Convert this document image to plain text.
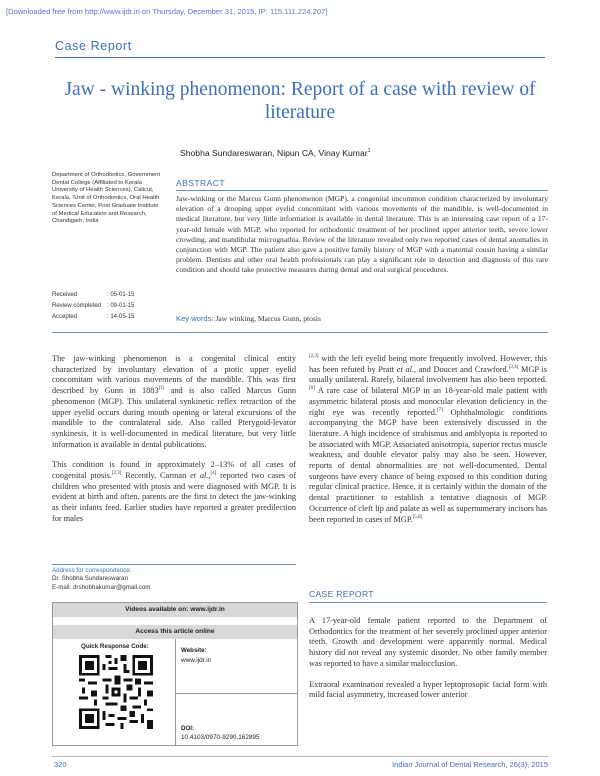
[Downloaded free from http://www.ijdr.in on Thursday, December 31, 2015, IP: 115.111.224.207]
Case Report
Jaw - winking phenomenon: Report of a case with review of literature
Shobha Sundareswaran, Nipun CA, Vinay Kumar$^1$
Department of Orthodontics, Government Dental College (Affiliated to Kerala University of Health Sciences), Calicut, Kerala, ¹Unit of Orthodontics, Oral Health Sciences Center, Post Graduate Institute of Medical Education and Research, Chandigarh, India
ABSTRACT
Jaw-winking or the Marcus Gunn phenomenon (MGP), a congenital uncommon condition characterized by involuntary elevation of a drooping upper eyelid concomitant with various movements of the mandible, is well-documented in medical literature, but very little information is available in dental literature. This is an interesting case report of a 17-year-old female with MGP, who reported for orthodontic treatment of her proclined upper anterior teeth, severe lower crowding, and mandibular micrognathia. Review of the literature revealed only two reported cases of dental anomalies in conjunction with MGP. The patient also gave a positive family history of MGP with a maternal cousin having a similar problem. Dentists and other oral health professionals can play a significant role in detection and diagnosis of this rare condition and should take protective measures during dental and oral surgical procedures.
Received	: 05-01-15
Review completed	: 09-01-15
Accepted	: 14-05-15	Key words: Jaw winking, Marcus Gunn, ptosis

The jaw-winking phenomenon is a congenital clinical entity characterized by involuntary elevation of a ptotic upper eyelid concomitant with various movements of the mandible. This was first described by Gunn in 1883[1] and is also called Marcus Gunn phenomenon (MGP). This unilateral synkinetic reflex retraction of the upper eyelid occurs during mouth opening or lateral excursions of the mandible to the contralateral side. Also called Pterygoid-levator synkinesis, it is well-documented in medical literature, but very little information is available in dental publications.

This condition is found in approximately 2–13% of all cases of congenital ptosis.[2,3] Recently, Carman et al.,[4] reported two cases of children who presented with ptosis and were diagnosed with MGP. It is evident at birth and often, parents are the first to detect the jaw-winking as their infants feed. Earlier studies have reported a greater predilection for males

[2,3] with the left eyelid being more frequently involved. However, this has been refuted by Pratt et al., and Doucet and Crawford.[3,4] MGP is usually unilateral. Rarely, bilateral involvement has also been reported.[6] A rare case of bilateral MGP in an 18-year-old male patient with asymmetric bilateral ptosis and monocular elevation deficiency in the right eye was recently reported.[7] Ophthalmologic conditions accompanying the MGP have been extensively discussed in the literature. A high incidence of strabismus and amblyopia is reported to be associated with MGP. Associated anisotropia, superior rectus muscle weakness, and double elevator palsy may also be seen. However, reports of dental abnormalities are not well-documented. Dental surgeons have every chance of being exposed to this condition during regular clinical practice. Hence, it is certainly within the domain of the dental practitioner to establish a tentative diagnosis of MGP. Occurrence of cleft lip and palate as well as supernumerary incisors has been reported in cases of MGP.[5,8]

CASE REPORT

A 17-year-old female patient reported to the Department of Orthodontics for the treatment of her severely proclined upper anterior teeth. Growth and development were apparently normal. Medical history did not reveal any systemic disorder. No other family member was reported to have a similar malocclusion.

Extraoral examination revealed a hyper leptoprosopic facial form with mild facial asymmetry, increased lower anterior

Address for correspondence:
Dr. Shobha Sundareswaran
E-mail: drshobhakumar@gmail.com
Videos available on: www.ijdr.in
Access this article online
Quick Response Code:
Website:
www.ijdr.in
DOI:
10.4103/0970-9290.162895
320	Indian Journal of Dental Research, 26(3), 2015
